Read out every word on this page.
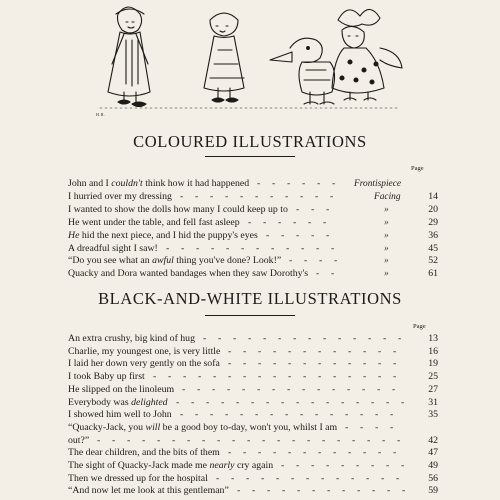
H.R.
COLOURED ILLUSTRATIONS
Page
John and I couldn't think how it had happened	Frontispiece
- - - - - -
I hurried over my dressing	Facing	14
- - - - - - - - - - -
I wanted to show the dolls how many I could keep up to	»	20
- - -
He went under the table, and fell fast asleep	»	29
- - - - - -
He hid the next piece, and I hid the puppy's eyes	»	36
- - - - -
A dreadful sight I saw!	»	45
- - - - - - - - - - - -
“Do you see what an awful thing you've done? Look!”	»	52
- - - -
Quacky and Dora wanted bandages when they saw Dorothy's	»	61
- -
BLACK-AND-WHITE ILLUSTRATIONS
Page
An extra crushy, big kind of hug	13
- - - - - - - - - - - - - -
Charlie, my youngest one, is very little	16
- - - - - - - - - - - -
I laid her down very gently on the sofa	19
- - - - - - - - - - - -
I took Baby up first	25
- - - - - - - - - - - - - - - - -
He slipped on the linoleum	27
- - - - - - - - - - - - - - -
Everybody was delighted	31
- - - - - - - - - - - - - - - -
I showed him well to John	35
- - - - - - - - - - - - - - -
“Quacky-Jack, you will be a good boy to-day, won't you, whilst I am - - - -
out?”	42
- - - - - - - - - - - - - - - - - - - - -
The dear children, and the bits of them	47
- - - - - - - - - - - -
The sight of Quacky-Jack made me nearly cry again	49
- - - - - - - - -
Then we dressed up for the hospital	56
- - - - - - - - - - - - -
“And now let me look at this gentleman”	59
- - - - - - - - - - - -
